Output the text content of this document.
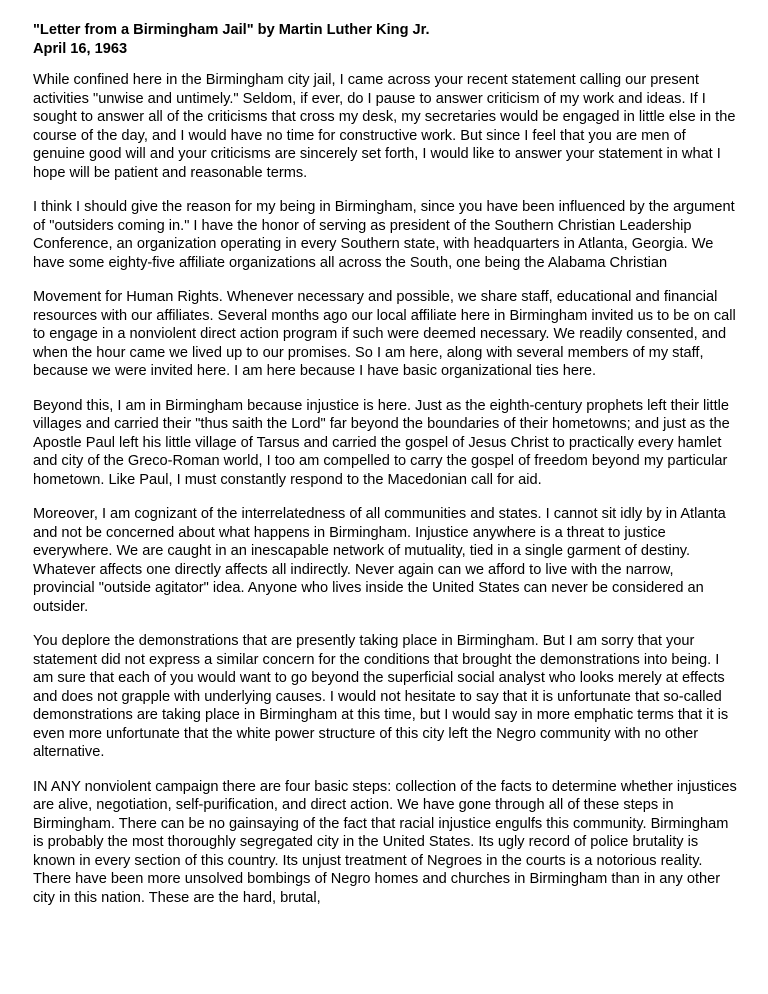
"Letter from a Birmingham Jail" by Martin Luther King Jr.

April 16, 1963

While confined here in the Birmingham city jail, I came across your recent statement calling our present activities "unwise and untimely." Seldom, if ever, do I pause to answer criticism of my work and ideas. If I sought to answer all of the criticisms that cross my desk, my secretaries would be engaged in little else in the course of the day, and I would have no time for constructive work. But since I feel that you are men of genuine good will and your criticisms are sincerely set forth, I would like to answer your statement in what I hope will be patient and reasonable terms.

I think I should give the reason for my being in Birmingham, since you have been influenced by the argument of "outsiders coming in." I have the honor of serving as president of the Southern Christian Leadership Conference, an organization operating in every Southern state, with headquarters in Atlanta, Georgia. We have some eighty-five affiliate organizations all across the South, one being the Alabama Christian

Movement for Human Rights. Whenever necessary and possible, we share staff, educational and financial resources with our affiliates. Several months ago our local affiliate here in Birmingham invited us to be on call to engage in a nonviolent direct action program if such were deemed necessary. We readily consented, and when the hour came we lived up to our promises. So I am here, along with several members of my staff, because we were invited here. I am here because I have basic organizational ties here.

Beyond this, I am in Birmingham because injustice is here. Just as the eighth-century prophets left their little villages and carried their "thus saith the Lord" far beyond the boundaries of their hometowns; and just as the Apostle Paul left his little village of Tarsus and carried the gospel of Jesus Christ to practically every hamlet and city of the Greco-Roman world, I too am compelled to carry the gospel of freedom beyond my particular hometown. Like Paul, I must constantly respond to the Macedonian call for aid.

Moreover, I am cognizant of the interrelatedness of all communities and states. I cannot sit idly by in Atlanta and not be concerned about what happens in Birmingham. Injustice anywhere is a threat to justice everywhere. We are caught in an inescapable network of mutuality, tied in a single garment of destiny. Whatever affects one directly affects all indirectly. Never again can we afford to live with the narrow, provincial "outside agitator" idea. Anyone who lives inside the United States can never be considered an outsider.

You deplore the demonstrations that are presently taking place in Birmingham. But I am sorry that your statement did not express a similar concern for the conditions that brought the demonstrations into being. I am sure that each of you would want to go beyond the superficial social analyst who looks merely at effects and does not grapple with underlying causes. I would not hesitate to say that it is unfortunate that so-called demonstrations are taking place in Birmingham at this time, but I would say in more emphatic terms that it is even more unfortunate that the white power structure of this city left the Negro community with no other alternative.

IN ANY nonviolent campaign there are four basic steps: collection of the facts to determine whether injustices are alive, negotiation, self-purification, and direct action. We have gone through all of these steps in Birmingham. There can be no gainsaying of the fact that racial injustice engulfs this community. Birmingham is probably the most thoroughly segregated city in the United States. Its ugly record of police brutality is known in every section of this country. Its unjust treatment of Negroes in the courts is a notorious reality. There have been more unsolved bombings of Negro homes and churches in Birmingham than in any other city in this nation. These are the hard, brutal,
